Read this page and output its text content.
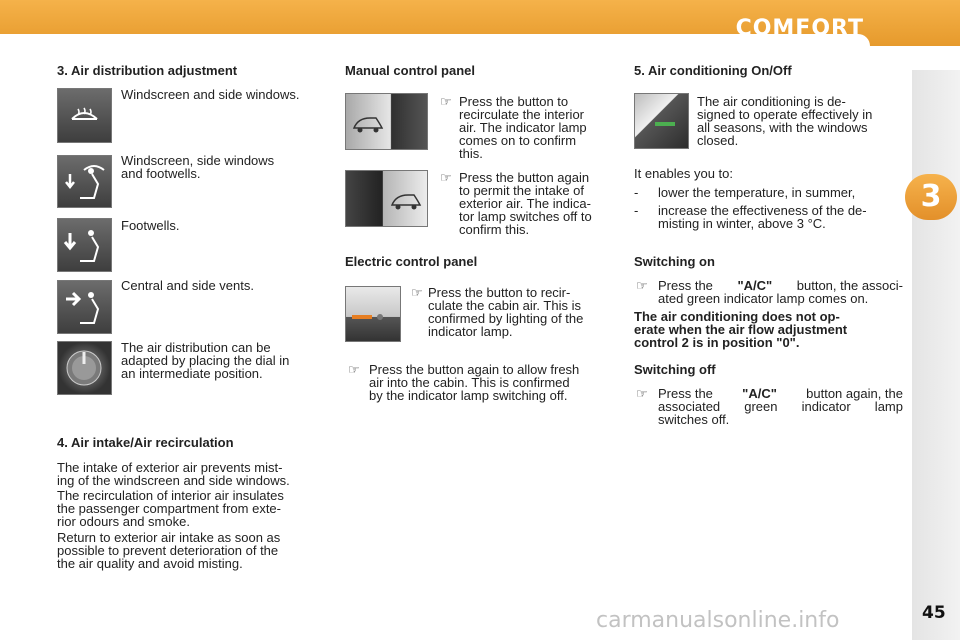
COMFORT
3
45
3. Air distribution adjustment
Windscreen and side windows.
Windscreen, side windows
and footwells.
Footwells.
Central and side vents.
The air distribution can be
adapted by placing the dial in
an intermediate position.
4. Air intake/Air recirculation
The intake of exterior air prevents mist-
ing of the windscreen and side windows.
The recirculation of interior air insulates
the passenger compartment from exte-
rior odours and smoke.
Return to exterior air intake as soon as
possible to prevent deterioration of the
the air quality and avoid misting.
Manual control panel
☞ Press the button to
recirculate the interior
air. The indicator lamp
comes on to confirm
this.
☞ Press the button again
to permit the intake of
exterior air. The indica-
tor lamp switches off to
confirm this.
Electric control panel
☞ Press the button to recir-
culate the cabin air. This is
confirmed by lighting of the
indicator lamp.
☞ Press the button again to allow fresh
air into the cabin. This is confirmed
by the indicator lamp switching off.
5. Air conditioning On/Off
The air conditioning is de-
signed to operate effectively in
all seasons, with the windows
closed.
It enables you to:
- lower the temperature, in summer,
- increase the effectiveness of the de-
misting in winter, above 3 °C.
Switching on
☞ Press the "A/C" button, the associ-
ated green indicator lamp comes on.
The air conditioning does not op-
erate when the air flow adjustment
control 2 is in position "0".
Switching off
☞ Press the "A/C" button again, the
associated green indicator lamp
switches off.
carmanualsonline.info
